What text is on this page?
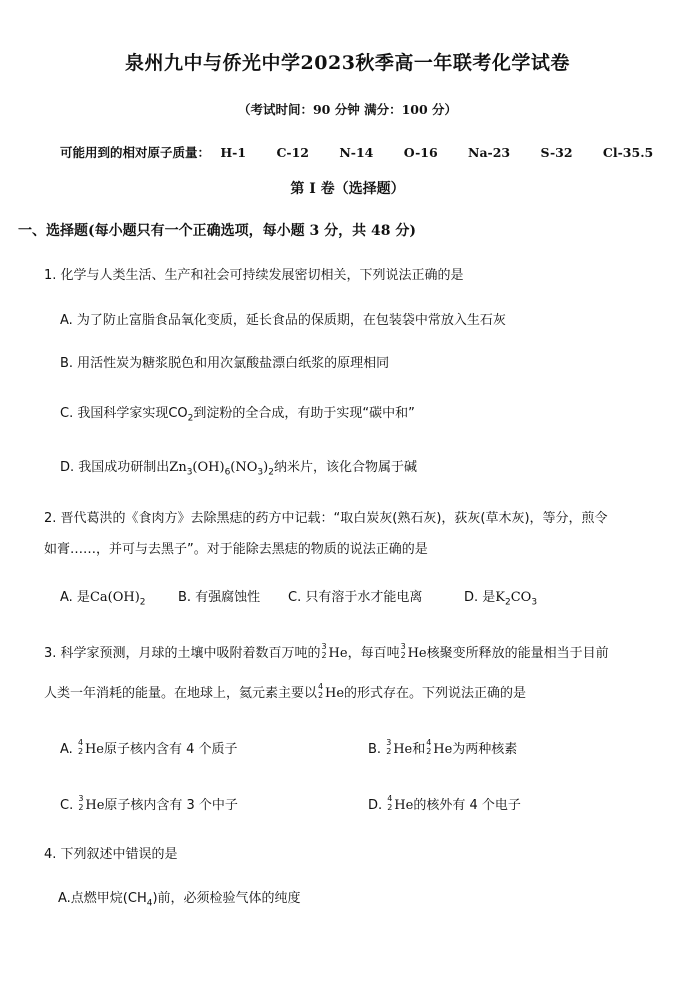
泉州九中与侨光中学2023秋季高一年联考化学试卷
（考试时间：90 分钟 满分：100 分）
可能用到的相对原子质量： H-1 C-12 N-14 O-16 Na-23 S-32 Cl-35.5
第 I 卷（选择题）
一、选择题(每小题只有一个正确选项，每小题 3 分，共 48 分)
1. 化学与人类生活、生产和社会可持续发展密切相关，下列说法正确的是
A. 为了防止富脂食品氧化变质，延长食品的保质期，在包装袋中常放入生石灰
B. 用活性炭为糖浆脱色和用次氯酸盐漂白纸浆的原理相同
C. 我国科学家实现$CO_2$到淀粉的全合成，有助于实现“碳中和”
D. 我国成功研制出$Zn_3(OH)_6(NO_3)_2$纳米片，该化合物属于碱
2. 晋代葛洪的《食肉方》去除黑痣的药方中记载：“取白炭灰(熟石灰)，荻灰(草木灰)，等分，煎令
如膏……，并可与去黑子”。对于能除去黑痣的物质的说法正确的是
A. 是$Ca(OH)_2$ B. 有强腐蚀性 C. 只有溶于水才能电离	D. 是$K_2CO_3$
3. 科学家预测，月球的土壤中吸附着数百万吨的 3
2 He，每百吨 3
2 He核聚变所释放的能量相当于目前
人类一年消耗的能量。在地球上，氦元素主要以 4
2 He的形式存在。下列说法正确的是
A. 4
2 He原子核内含有 4 个质子	B. 3
2 He和 4
2 He为两种核素
C. 3
2 He原子核内含有 3 个中子	D. 4
2 He的核外有 4 个电子
4. 下列叙述中错误的是
A.点燃甲烷$(CH_4)$前，必须检验气体的纯度
